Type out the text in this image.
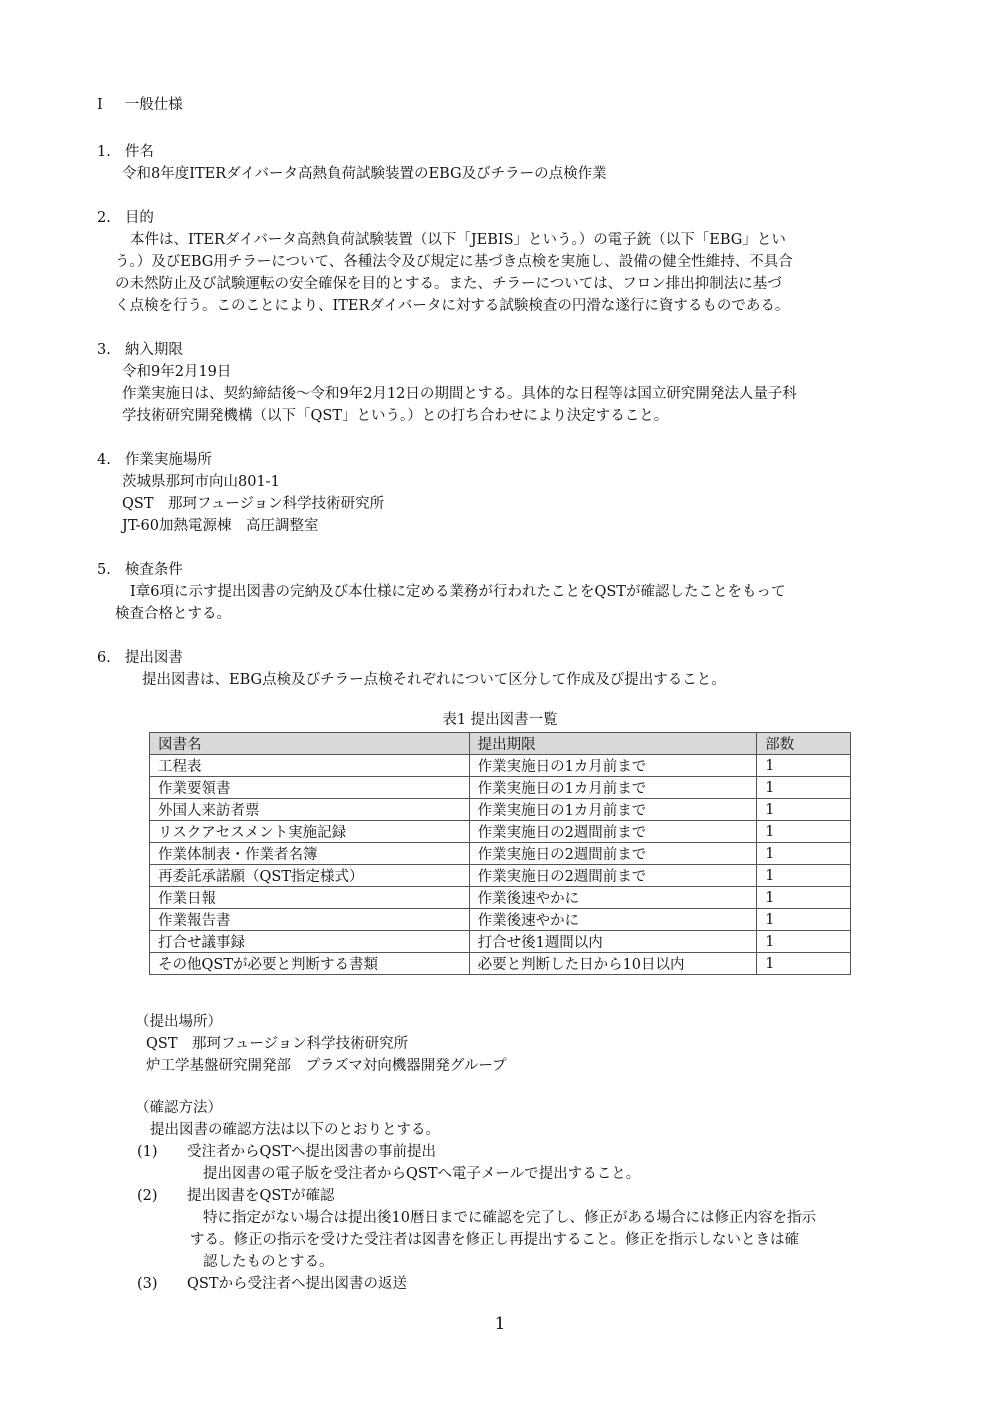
Ⅰ 一般仕様
1. 件名
令和8年度ITERダイバータ高熱負荷試験装置のEBG及びチラーの点検作業
2. 目的
本件は、ITERダイバータ高熱負荷試験装置（以下「JEBIS」という。）の電子銃（以下「EBG」とい
う。）及びEBG用チラーについて、各種法令及び規定に基づき点検を実施し、設備の健全性維持、不具合
の未然防止及び試験運転の安全確保を目的とする。また、チラーについては、フロン排出抑制法に基づ
く点検を行う。このことにより、ITERダイバータに対する試験検査の円滑な遂行に資するものである。
3. 納入期限
令和9年2月19日
作業実施日は、契約締結後～令和9年2月12日の期間とする。具体的な日程等は国立研究開発法人量子科
学技術研究開発機構（以下「QST」という。）との打ち合わせにより決定すること。
4. 作業実施場所
茨城県那珂市向山801-1
QST　那珂フュージョン科学技術研究所
JT-60加熱電源棟　高圧調整室
5. 検査条件
Ⅰ章6項に示す提出図書の完納及び本仕様に定める業務が行われたことをQSTが確認したことをもって
検査合格とする。
6. 提出図書
提出図書は、EBG点検及びチラー点検それぞれについて区分して作成及び提出すること。
表1 提出図書一覧
図書名	提出期限	部数
工程表	作業実施日の1カ月前まで	1
作業要領書	作業実施日の1カ月前まで	1
外国人来訪者票	作業実施日の1カ月前まで	1
リスクアセスメント実施記録	作業実施日の2週間前まで	1
作業体制表・作業者名簿	作業実施日の2週間前まで	1
再委託承諾願（QST指定様式）	作業実施日の2週間前まで	1
作業日報	作業後速やかに	1
作業報告書	作業後速やかに	1
打合せ議事録	打合せ後1週間以内	1
その他QSTが必要と判断する書類	必要と判断した日から10日以内	1
（提出場所）
QST　那珂フュージョン科学技術研究所
炉工学基盤研究開発部　プラズマ対向機器開発グループ
（確認方法）
提出図書の確認方法は以下のとおりとする。
(1) 受注者からQSTへ提出図書の事前提出
提出図書の電子版を受注者からQSTへ電子メールで提出すること。
(2) 提出図書をQSTが確認
特に指定がない場合は提出後10暦日までに確認を完了し、修正がある場合には修正内容を指示
する。修正の指示を受けた受注者は図書を修正し再提出すること。修正を指示しないときは確
認したものとする。
(3) QSTから受注者へ提出図書の返送
1
